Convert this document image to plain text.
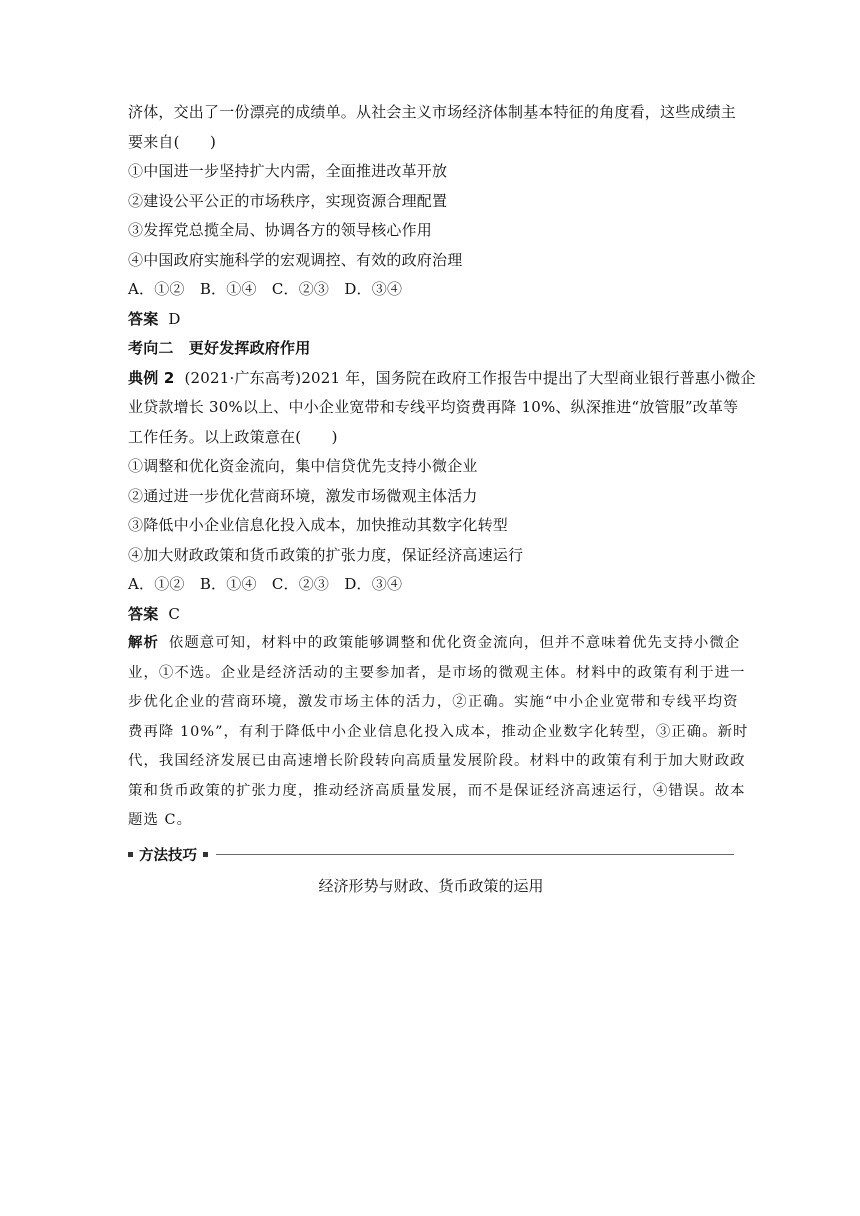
济体，交出了一份漂亮的成绩单。从社会主义市场经济体制基本特征的角度看，这些成绩主
要来自(　　)
①中国进一步坚持扩大内需，全面推进改革开放
②建设公平公正的市场秩序，实现资源合理配置
③发挥党总揽全局、协调各方的领导核心作用
④中国政府实施科学的宏观调控、有效的政府治理
A．①②　B．①④　C．②③　D．③④
答案 D
考向二　更好发挥政府作用
典例 2 (2021·广东高考)2021 年，国务院在政府工作报告中提出了大型商业银行普惠小微企
业贷款增长 30%以上、中小企业宽带和专线平均资费再降 10%、纵深推进“放管服”改革等
工作任务。以上政策意在(　　)
①调整和优化资金流向，集中信贷优先支持小微企业
②通过进一步优化营商环境，激发市场微观主体活力
③降低中小企业信息化投入成本，加快推动其数字化转型
④加大财政政策和货币政策的扩张力度，保证经济高速运行
A．①②　B．①④　C．②③　D．③④
答案 C
解析 依题意可知，材料中的政策能够调整和优化资金流向，但并不意味着优先支持小微企
业，①不选。企业是经济活动的主要参加者，是市场的微观主体。材料中的政策有利于进一
步优化企业的营商环境，激发市场主体的活力，②正确。实施“中小企业宽带和专线平均资
费再降 10%”，有利于降低中小企业信息化投入成本，推动企业数字化转型，③正确。新时
代，我国经济发展已由高速增长阶段转向高质量发展阶段。材料中的政策有利于加大财政政
策和货币政策的扩张力度，推动经济高质量发展，而不是保证经济高速运行，④错误。故本
题选 C。
方法技巧
经济形势与财政、货币政策的运用
